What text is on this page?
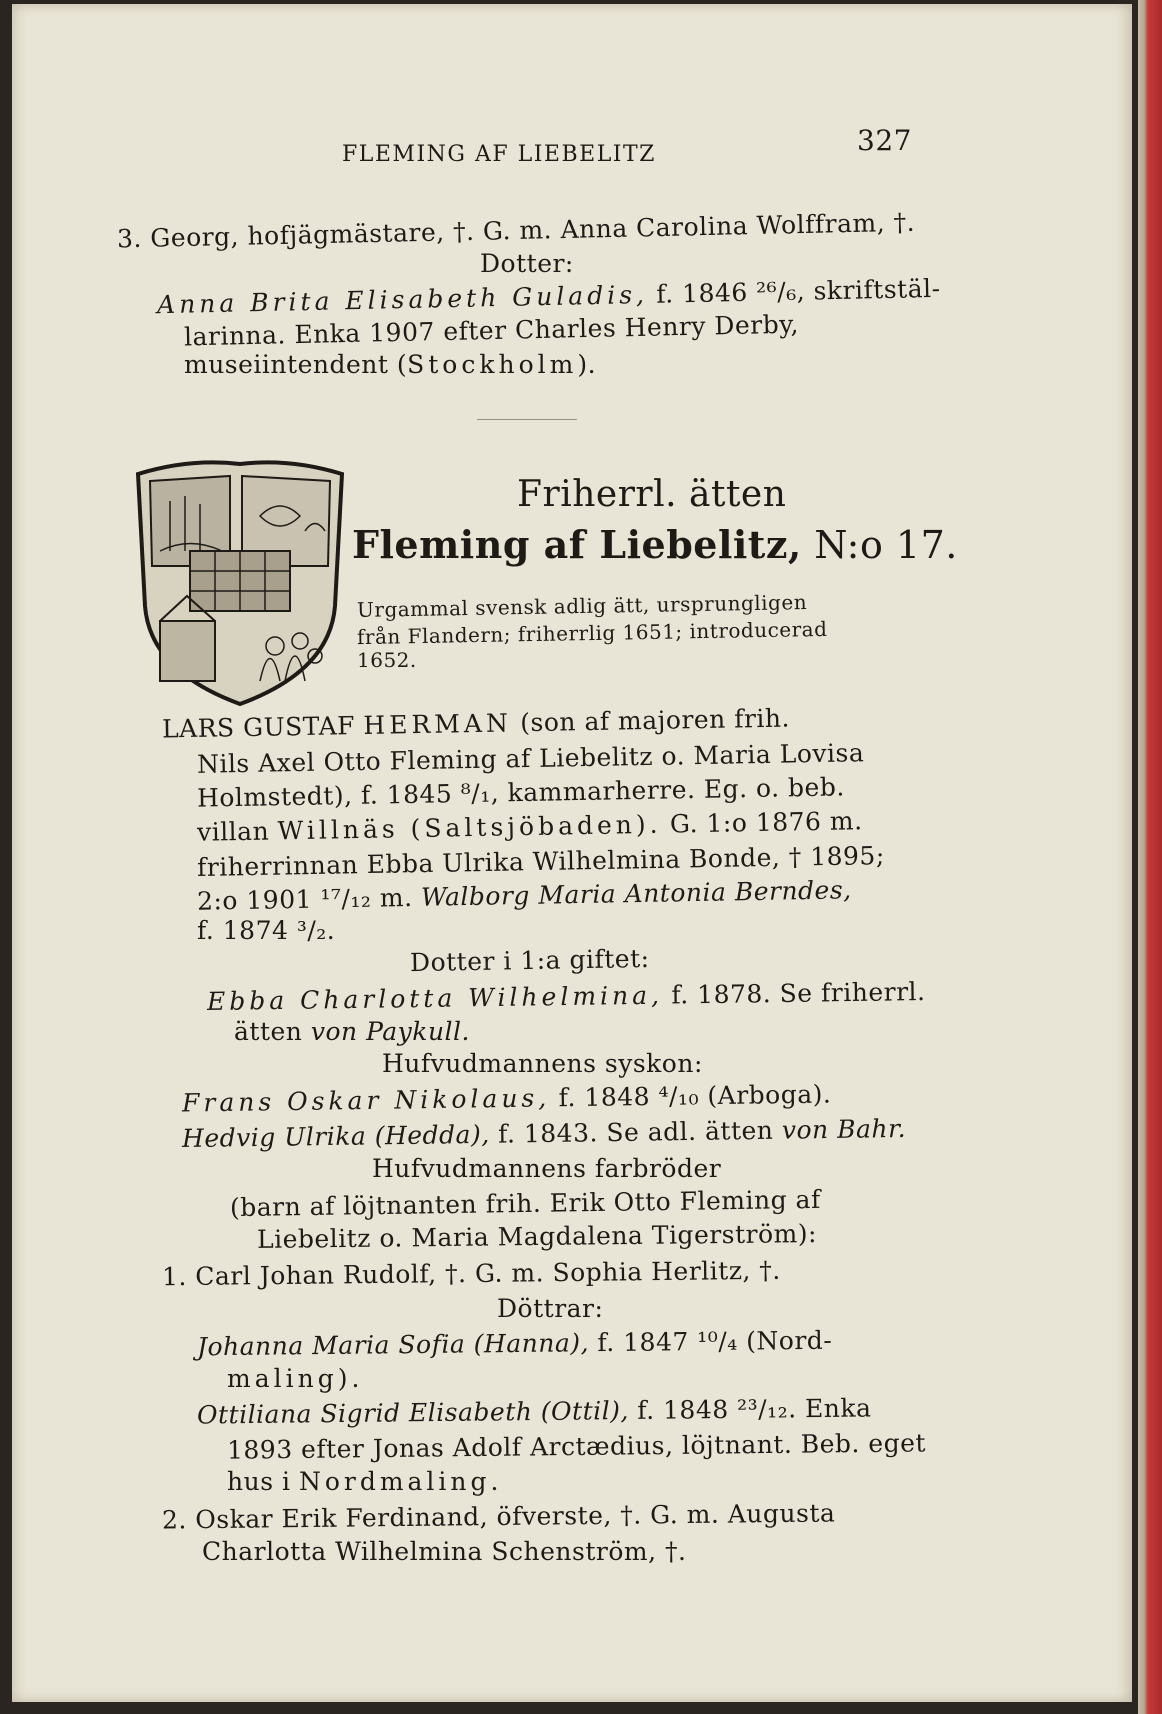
FLEMING AF LIEBELITZ	327
3. Georg, hofjägmästare, †. G. m. Anna Carolina Wolffram, †.
Dotter:
Anna Brita Elisabeth Guladis, f. 1846 ²⁶/₆, skriftstäl-
larinna. Enka 1907 efter Charles Henry Derby,
museiintendent (Stockholm).
Friherrl. ätten
Fleming af Liebelitz, N:o 17.
Urgammal svensk adlig ätt, ursprungligen
från Flandern; friherrlig 1651; introducerad
1652.
LARS GUSTAF HERMAN (son af majoren frih.
Nils Axel Otto Fleming af Liebelitz o. Maria Lovisa
Holmstedt), f. 1845 ⁸/₁, kammarherre. Eg. o. beb.
villan Willnäs (Saltsjöbaden). G. 1:o 1876 m.
friherrinnan Ebba Ulrika Wilhelmina Bonde, † 1895;
2:o 1901 ¹⁷/₁₂ m. Walborg Maria Antonia Berndes,
f. 1874 ³/₂.
Dotter i 1:a giftet:
Ebba Charlotta Wilhelmina, f. 1878. Se friherrl.
ätten von Paykull.
Hufvudmannens syskon:
Frans Oskar Nikolaus, f. 1848 ⁴/₁₀ (Arboga).
Hedvig Ulrika (Hedda), f. 1843. Se adl. ätten von Bahr.
Hufvudmannens farbröder
(barn af löjtnanten frih. Erik Otto Fleming af
Liebelitz o. Maria Magdalena Tigerström):
1. Carl Johan Rudolf, †. G. m. Sophia Herlitz, †.
Döttrar:
Johanna Maria Sofia (Hanna), f. 1847 ¹⁰/₄ (Nord-
maling).
Ottiliana Sigrid Elisabeth (Ottil), f. 1848 ²³/₁₂. Enka
1893 efter Jonas Adolf Arctædius, löjtnant. Beb. eget
hus i Nordmaling.
2. Oskar Erik Ferdinand, öfverste, †. G. m. Augusta
Charlotta Wilhelmina Schenström, †.
